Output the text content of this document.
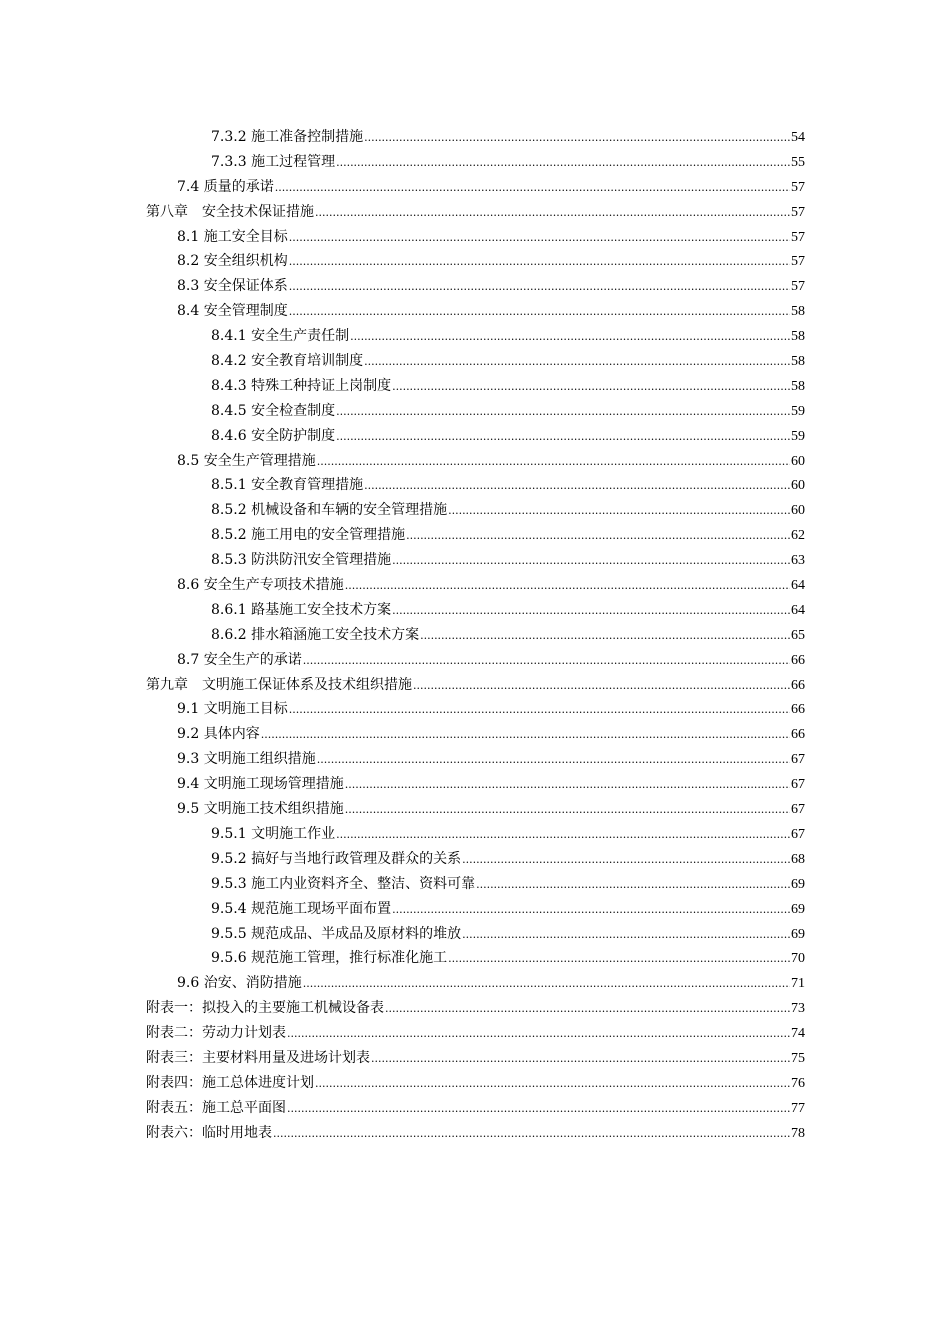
7.3.2 施工准备控制措施 .....	54
7.3.3 施工过程管理 .....	55
7.4 质量的承诺 .....	57
第八章　安全技术保证措施 .....	57
8.1 施工安全目标 .....	57
8.2 安全组织机构 .....	57
8.3 安全保证体系 .....	57
8.4 安全管理制度 .....	58
8.4.1 安全生产责任制 .....	58
8.4.2 安全教育培训制度 .....	58
8.4.3 特殊工种持证上岗制度 .....	58
8.4.5 安全检查制度 .....	59
8.4.6 安全防护制度 .....	59
8.5 安全生产管理措施 .....	60
8.5.1 安全教育管理措施 .....	60
8.5.2 机械设备和车辆的安全管理措施 .....	60
8.5.2 施工用电的安全管理措施 .....	62
8.5.3 防洪防汛安全管理措施 .....	63
8.6 安全生产专项技术措施 .....	64
8.6.1 路基施工安全技术方案 .....	64
8.6.2 排水箱涵施工安全技术方案 .....	65
8.7 安全生产的承诺 .....	66
第九章　文明施工保证体系及技术组织措施 .....	66
9.1 文明施工目标 .....	66
9.2 具体内容 .....	66
9.3 文明施工组织措施 .....	67
9.4 文明施工现场管理措施 .....	67
9.5 文明施工技术组织措施 .....	67
9.5.1 文明施工作业 .....	67
9.5.2 搞好与当地行政管理及群众的关系 .....	68
9.5.3 施工内业资料齐全、整洁、资料可靠 .....	69
9.5.4 规范施工现场平面布置 .....	69
9.5.5 规范成品、半成品及原材料的堆放 .....	69
9.5.6 规范施工管理，推行标准化施工 .....	70
9.6 治安、消防措施 .....	71
附表一：拟投入的主要施工机械设备表 .....	73
附表二：劳动力计划表 .....	74
附表三：主要材料用量及进场计划表 .....	75
附表四：施工总体进度计划 .....	76
附表五：施工总平面图 .....	77
附表六：临时用地表 .....	78
